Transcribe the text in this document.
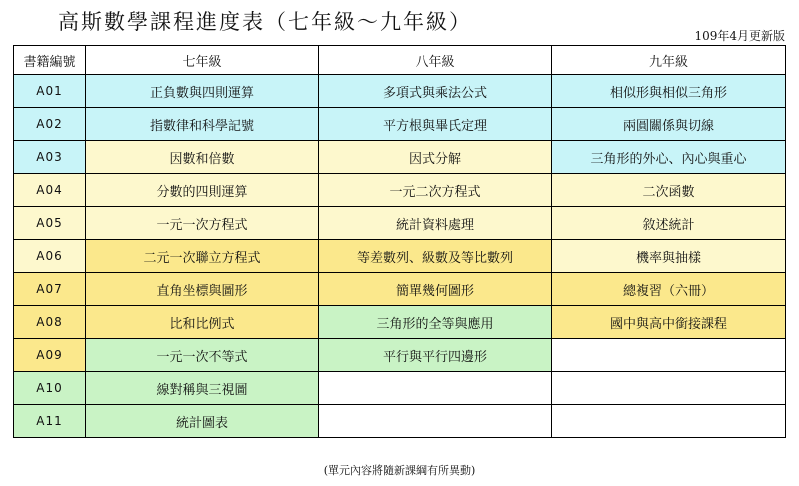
高斯數學課程進度表（七年級～九年級）
109年4月更新版
書籍編號	七年級	八年級	九年級
A01	正負數與四則運算	多項式與乘法公式	相似形與相似三角形
A02	指數律和科學記號	平方根與畢氏定理	兩圓關係與切線
A03	因數和倍數	因式分解	三角形的外心、內心與重心
A04	分數的四則運算	一元二次方程式	二次函數
A05	一元一次方程式	統計資料處理	敘述統計
A06	二元一次聯立方程式	等差數列、級數及等比數列	機率與抽樣
A07	直角坐標與圖形	簡單幾何圖形	總複習（六冊）
A08	比和比例式	三角形的全等與應用	國中與高中銜接課程
A09	一元一次不等式	平行與平行四邊形	
A10	線對稱與三視圖		
A11	統計圖表		
(單元內容將隨新課綱有所異動)
